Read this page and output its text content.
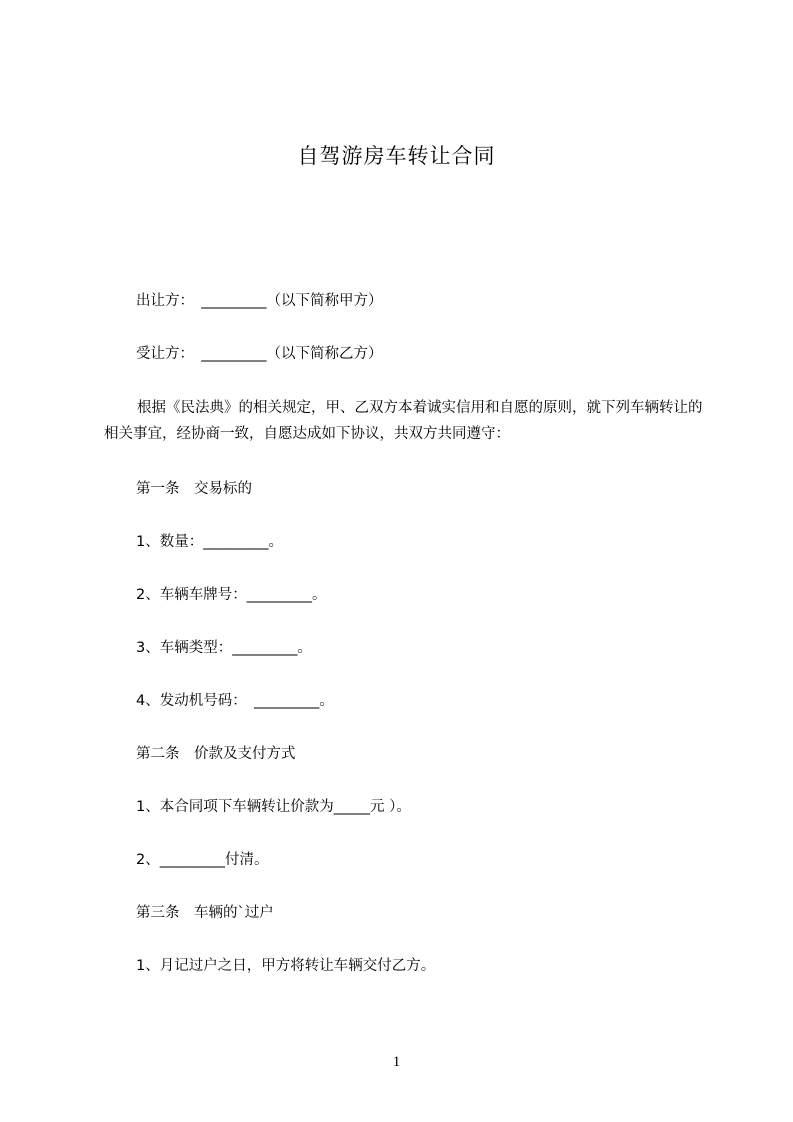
自驾游房车转让合同
出让方：　_________（以下简称甲方）
受让方：　_________（以下简称乙方）
根据《民法典》的相关规定，甲、乙双方本着诚实信用和自愿的原则，就下列车辆转让的相关事宜，经协商一致，自愿达成如下协议，共双方共同遵守：
第一条　交易标的
1、数量：_________。
2、车辆车牌号：_________。
3、车辆类型：_________。
4、发动机号码：　_________。
第二条　价款及支付方式
1、本合同项下车辆转让价款为_____元 ）。
2、_________付清。
第三条　车辆的`过户
1、月记过户之日，甲方将转让车辆交付乙方。
1
